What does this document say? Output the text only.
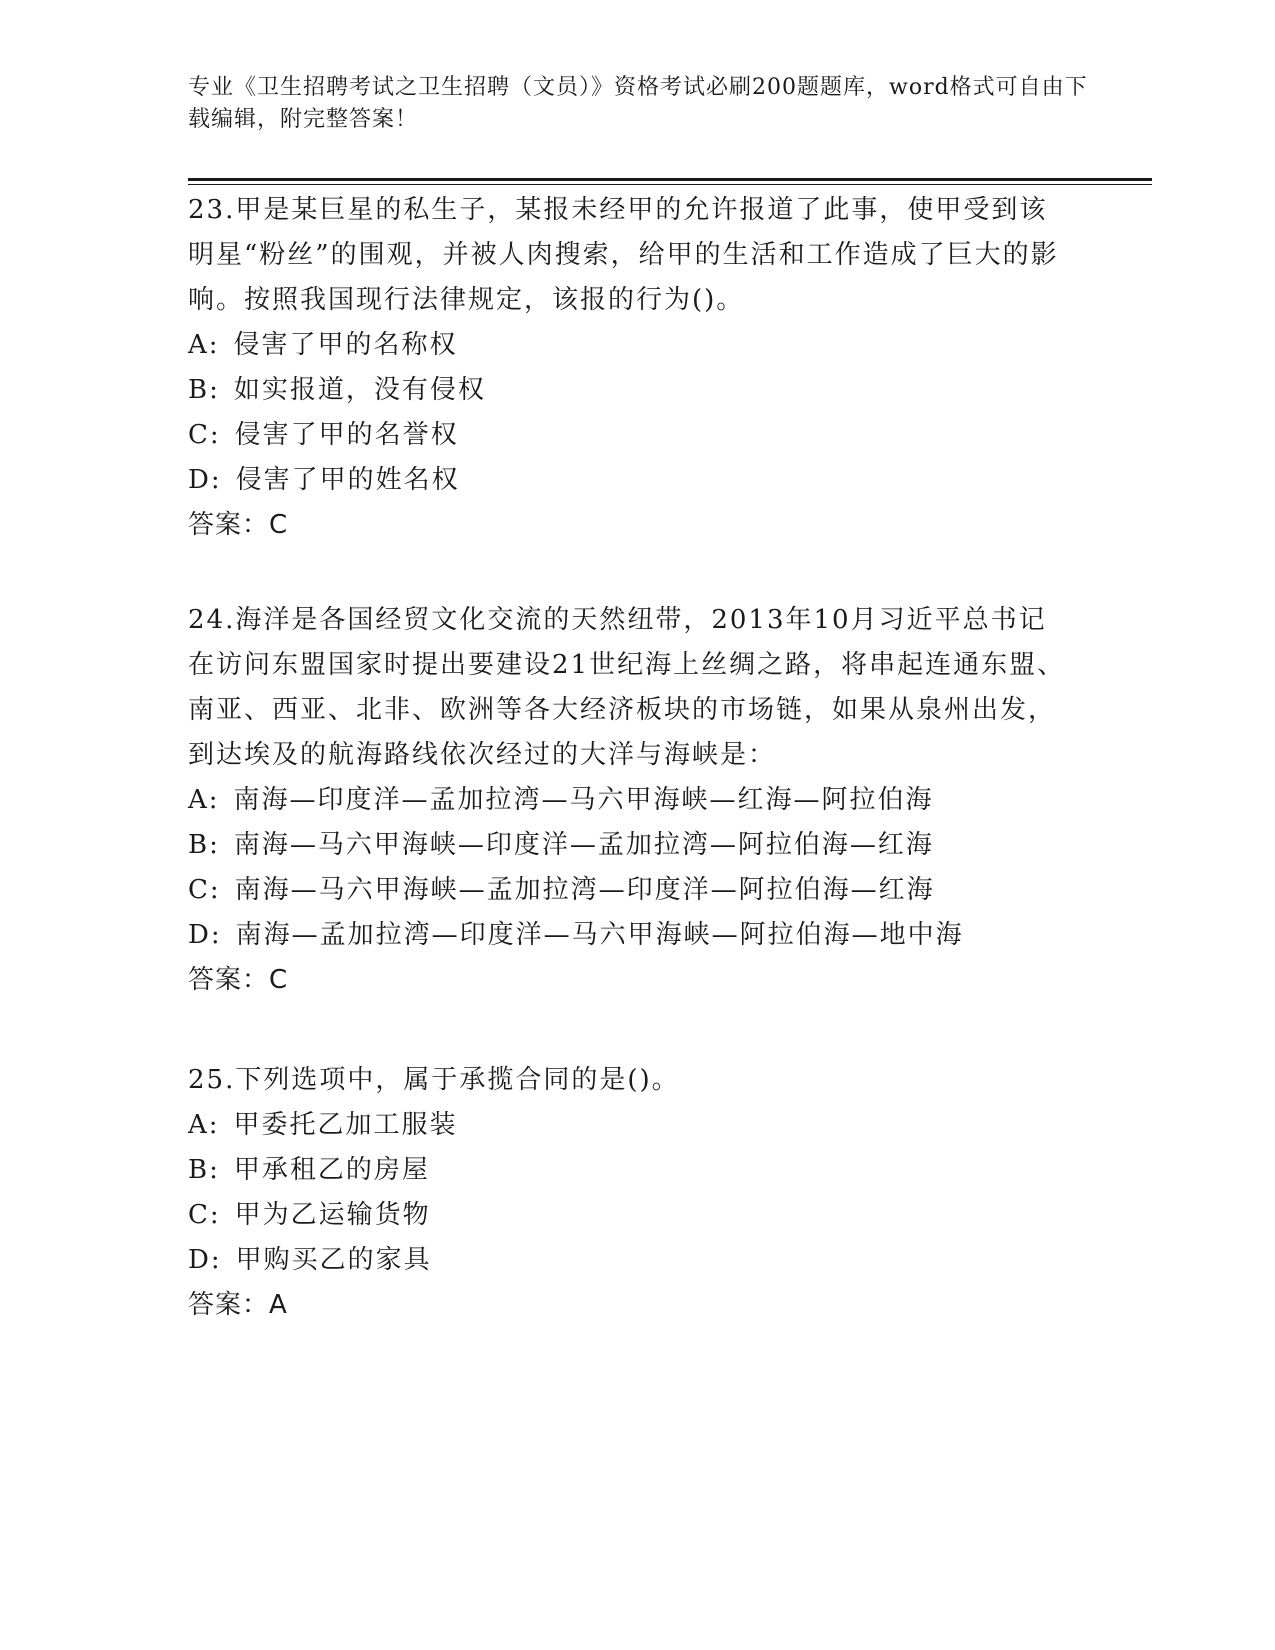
专业《卫生招聘考试之卫生招聘（文员）》资格考试必刷200题题库，word格式可自由下载编辑，附完整答案！

23.甲是某巨星的私生子，某报未经甲的允许报道了此事，使甲受到该明星“粉丝”的围观，并被人肉搜索，给甲的生活和工作造成了巨大的影响。按照我国现行法律规定，该报的行为()。

A: 侵害了甲的名称权

B: 如实报道，没有侵权

C: 侵害了甲的名誉权

D: 侵害了甲的姓名权

答案：C

24.海洋是各国经贸文化交流的天然纽带，2013年10月习近平总书记在访问东盟国家时提出要建设21世纪海上丝绸之路，将串起连通东盟、南亚、西亚、北非、欧洲等各大经济板块的市场链，如果从泉州出发，到达埃及的航海路线依次经过的大洋与海峡是：

A: 南海—印度洋—孟加拉湾—马六甲海峡—红海—阿拉伯海

B: 南海—马六甲海峡—印度洋—孟加拉湾—阿拉伯海—红海

C: 南海—马六甲海峡—孟加拉湾—印度洋—阿拉伯海—红海

D: 南海—孟加拉湾—印度洋—马六甲海峡—阿拉伯海—地中海

答案：C

25.下列选项中，属于承揽合同的是()。

A: 甲委托乙加工服装

B: 甲承租乙的房屋

C: 甲为乙运输货物

D: 甲购买乙的家具

答案：A
